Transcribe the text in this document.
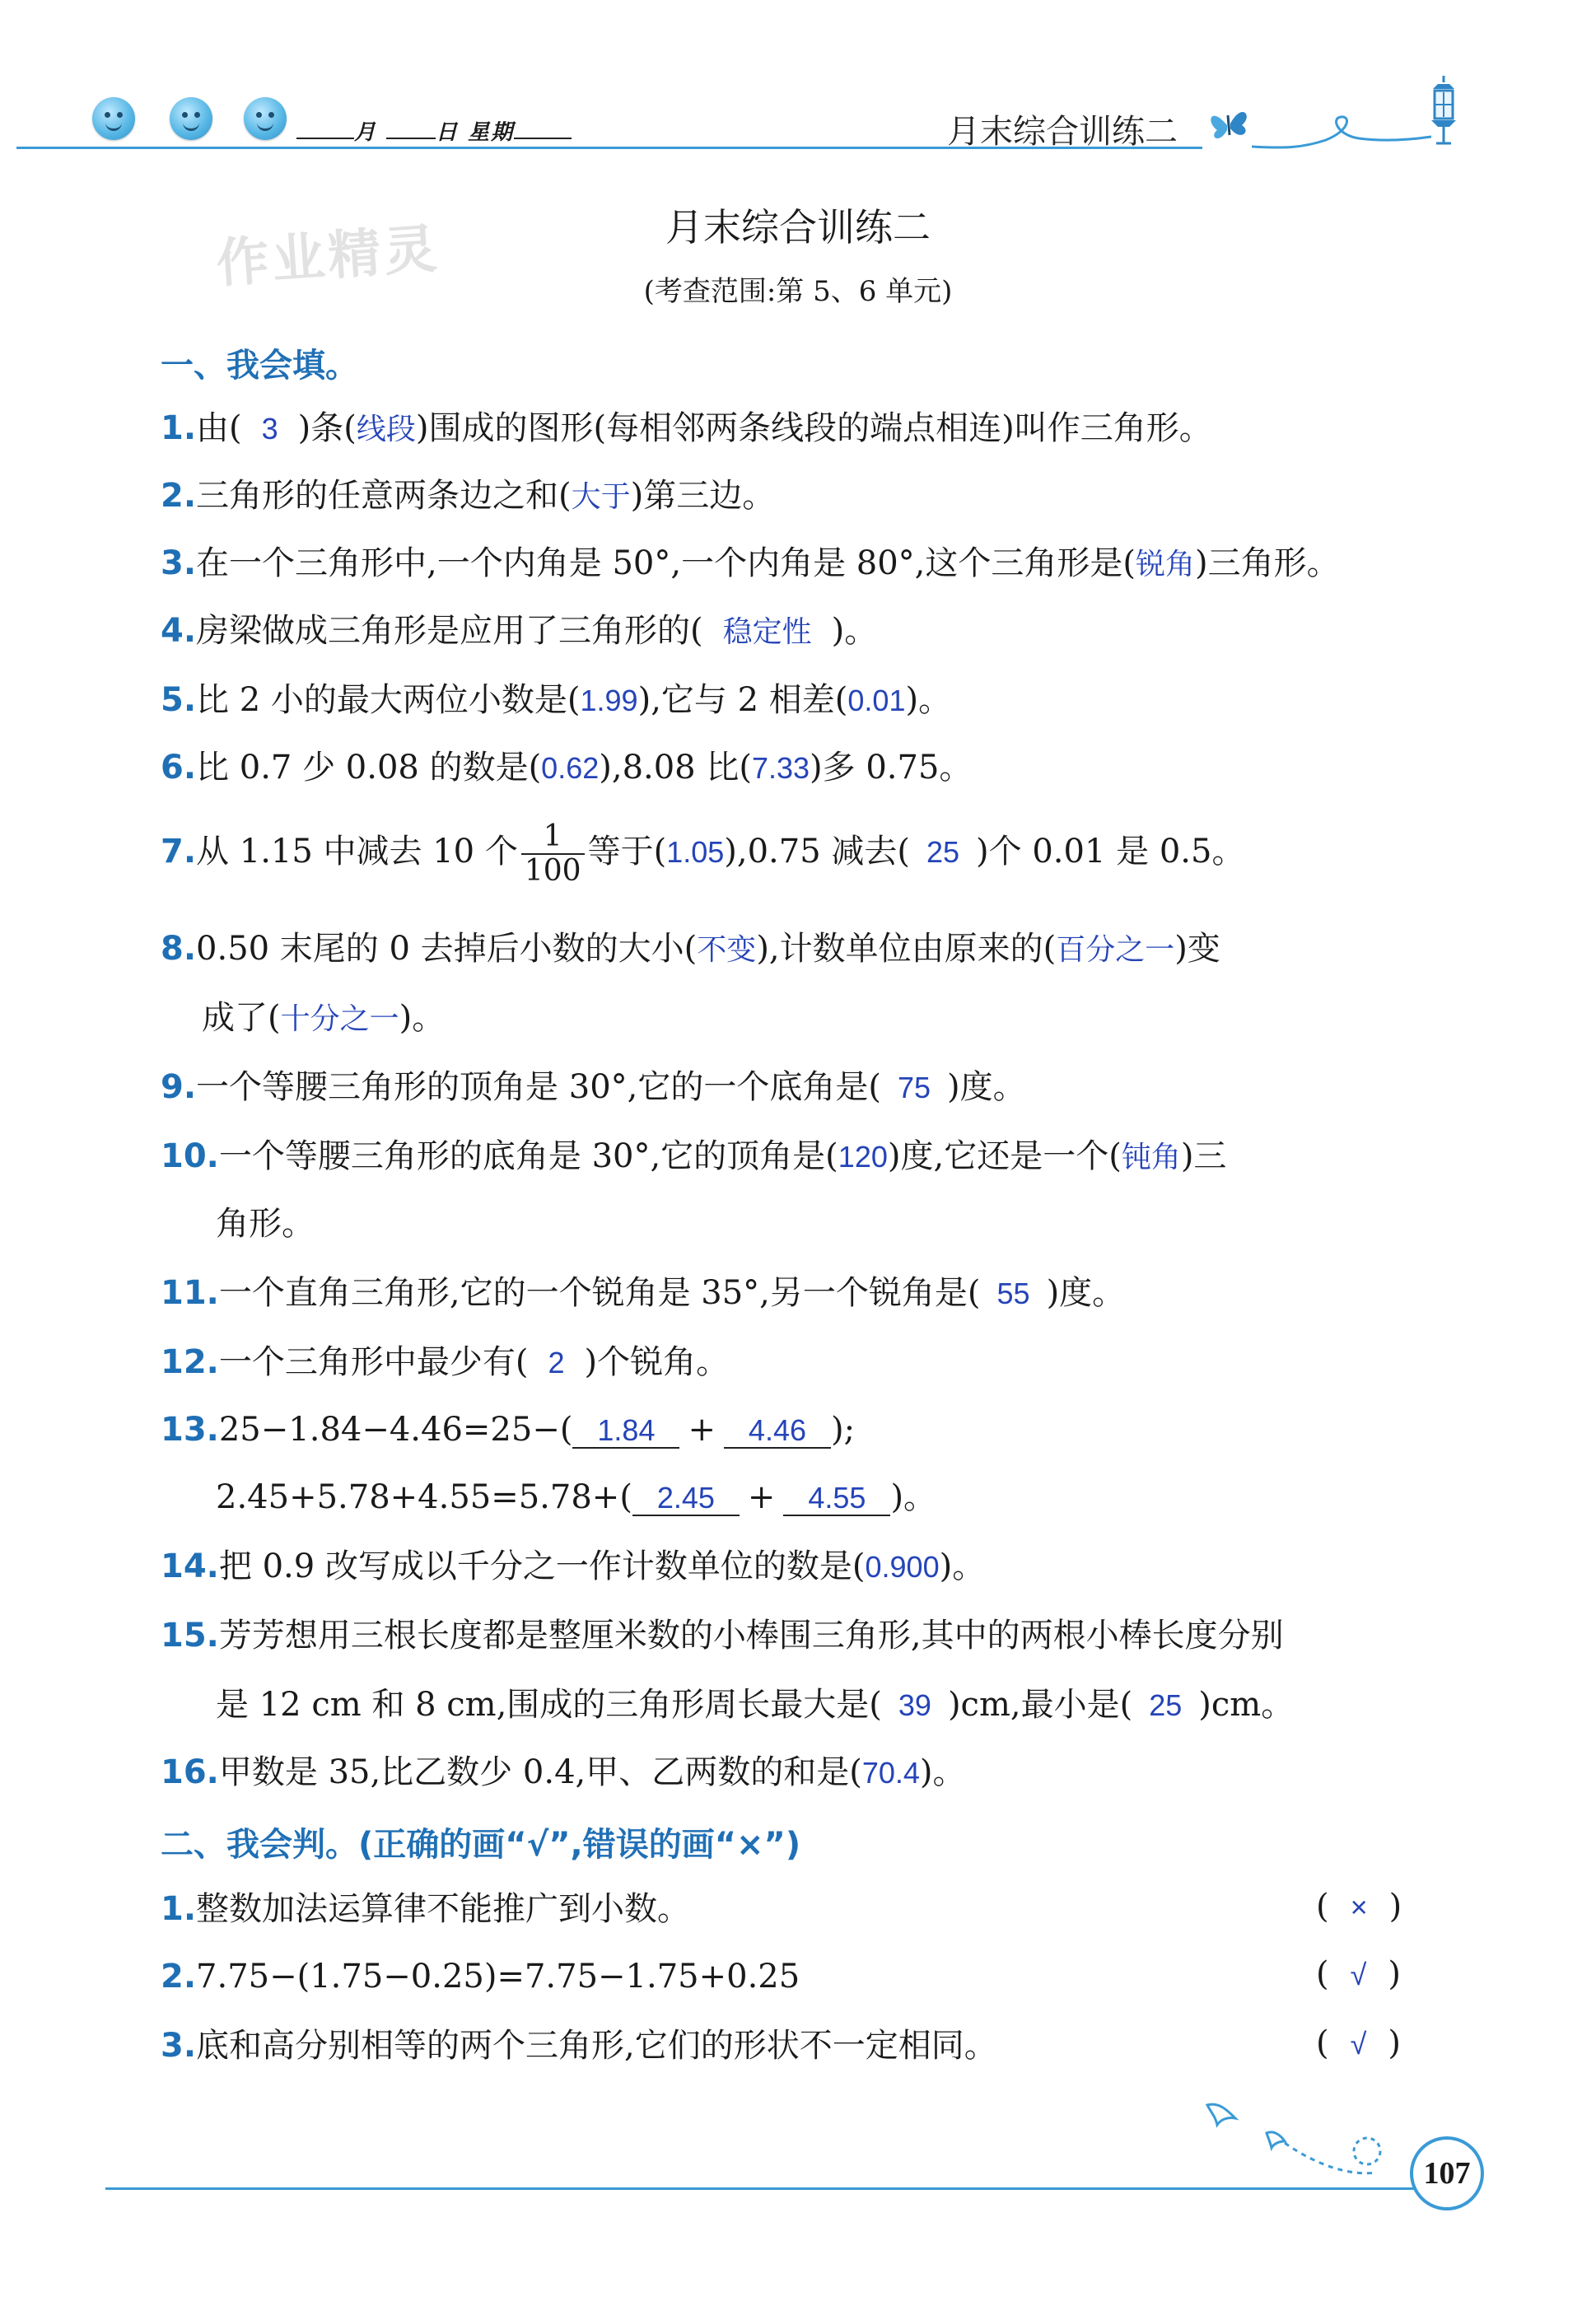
月	日 星期	月末综合训练二
作业精灵	月末综合训练二
(考查范围:第 5、6 单元)
一、我会填。
1.由( 3 )条(线段)围成的图形(每相邻两条线段的端点相连)叫作三角形。
2.三角形的任意两条边之和(大于)第三边。
3.在一个三角形中,一个内角是 50°,一个内角是 80°,这个三角形是(锐角)三角形。
4.房梁做成三角形是应用了三角形的( 稳定性 )。
5.比 2 小的最大两位小数是(1.99),它与 2 相差(0.01)。
6.比 0.7 少 0.08 的数是(0.62),8.08 比(7.33)多 0.75。
7.从 1.15 中减去 10 个 $\frac{1}{100}$ 等于(1.05),0.75 减去( 25 )个 0.01 是 0.5。
8.0.50 末尾的 0 去掉后小数的大小(不变),计数单位由原来的(百分之一)变
成了(十分之一)。
9.一个等腰三角形的顶角是 30°,它的一个底角是( 75 )度。
10.一个等腰三角形的底角是 30°,它的顶角是(120)度,它还是一个(钝角)三
角形。
11.一个直角三角形,它的一个锐角是 35°,另一个锐角是( 55 )度。
12.一个三角形中最少有( 2 )个锐角。
13.25−1.84−4.46=25−( 1.84 + 4.46 );
2.45+5.78+4.55=5.78+( 2.45 + 4.55 )。
14.把 0.9 改写成以千分之一作计数单位的数是(0.900)。
15.芳芳想用三根长度都是整厘米数的小棒围三角形,其中的两根小棒长度分别
是 12 cm 和 8 cm,围成的三角形周长最大是( 39 )cm,最小是( 25 )cm。
16.甲数是 35,比乙数少 0.4,甲、乙两数的和是(70.4)。
二、我会判。(正确的画“√”,错误的画“×”)
1.整数加法运算律不能推广到小数。	( × )
2.7.75−(1.75−0.25)=7.75−1.75+0.25	( √ )
3.底和高分别相等的两个三角形,它们的形状不一定相同。	( √ )
107
